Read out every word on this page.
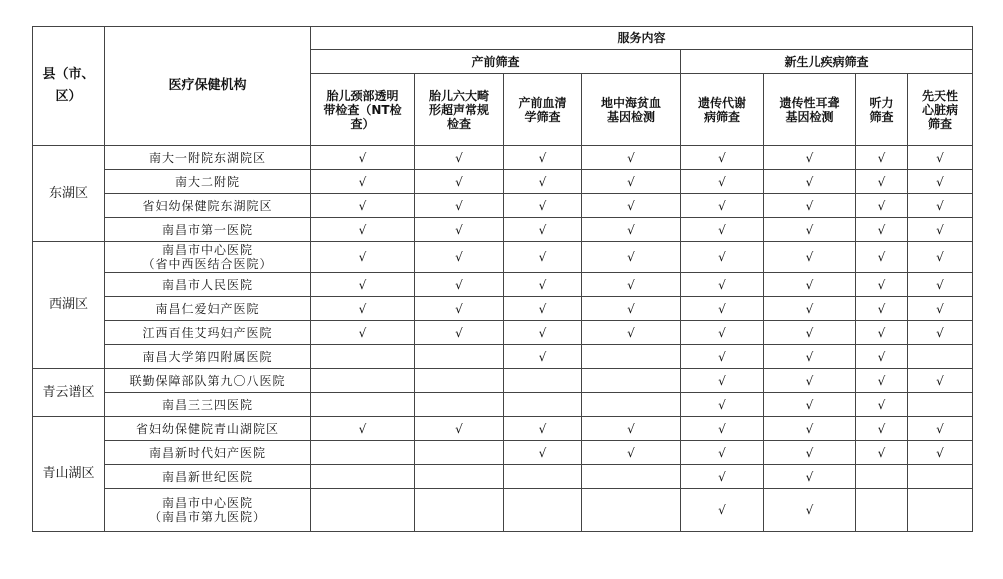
县（市、区）	医疗保健机构	服务内容							
		产前筛查				新生儿疾病筛查			

		胎儿颈部透明带检查（NT检查）	胎儿六大畸形超声常规检查	产前血清学筛查	地中海贫血基因检测	遗传代谢病筛查	遗传性耳聋基因检测	听力筛查	先天性心脏病筛查

东湖区	南大一附院东湖院区	√	√	√	√	√	√	√	√
	南大二附院	√	√	√	√	√	√	√	√
	省妇幼保健院东湖院区	√	√	√	√	√	√	√	√
	南昌市第一医院	√	√	√	√	√	√	√	√
西湖区	南昌市中心医院
（省中西医结合医院）	√	√	√	√	√	√	√	√
	南昌市人民医院	√	√	√	√	√	√	√	√
	南昌仁爱妇产医院	√	√	√	√	√	√	√	√
	江西百佳艾玛妇产医院	√	√	√	√	√	√	√	√
	南昌大学第四附属医院			√		√	√	√	
青云谱区	联勤保障部队第九〇八医院					√	√	√	√
	南昌三三四医院					√	√	√	
青山湖区	省妇幼保健院青山湖院区	√	√	√	√	√	√	√	√
	南昌新时代妇产医院			√	√	√	√	√	√
	南昌新世纪医院					√	√		
	南昌市中心医院
（南昌市第九医院）					√	√		
